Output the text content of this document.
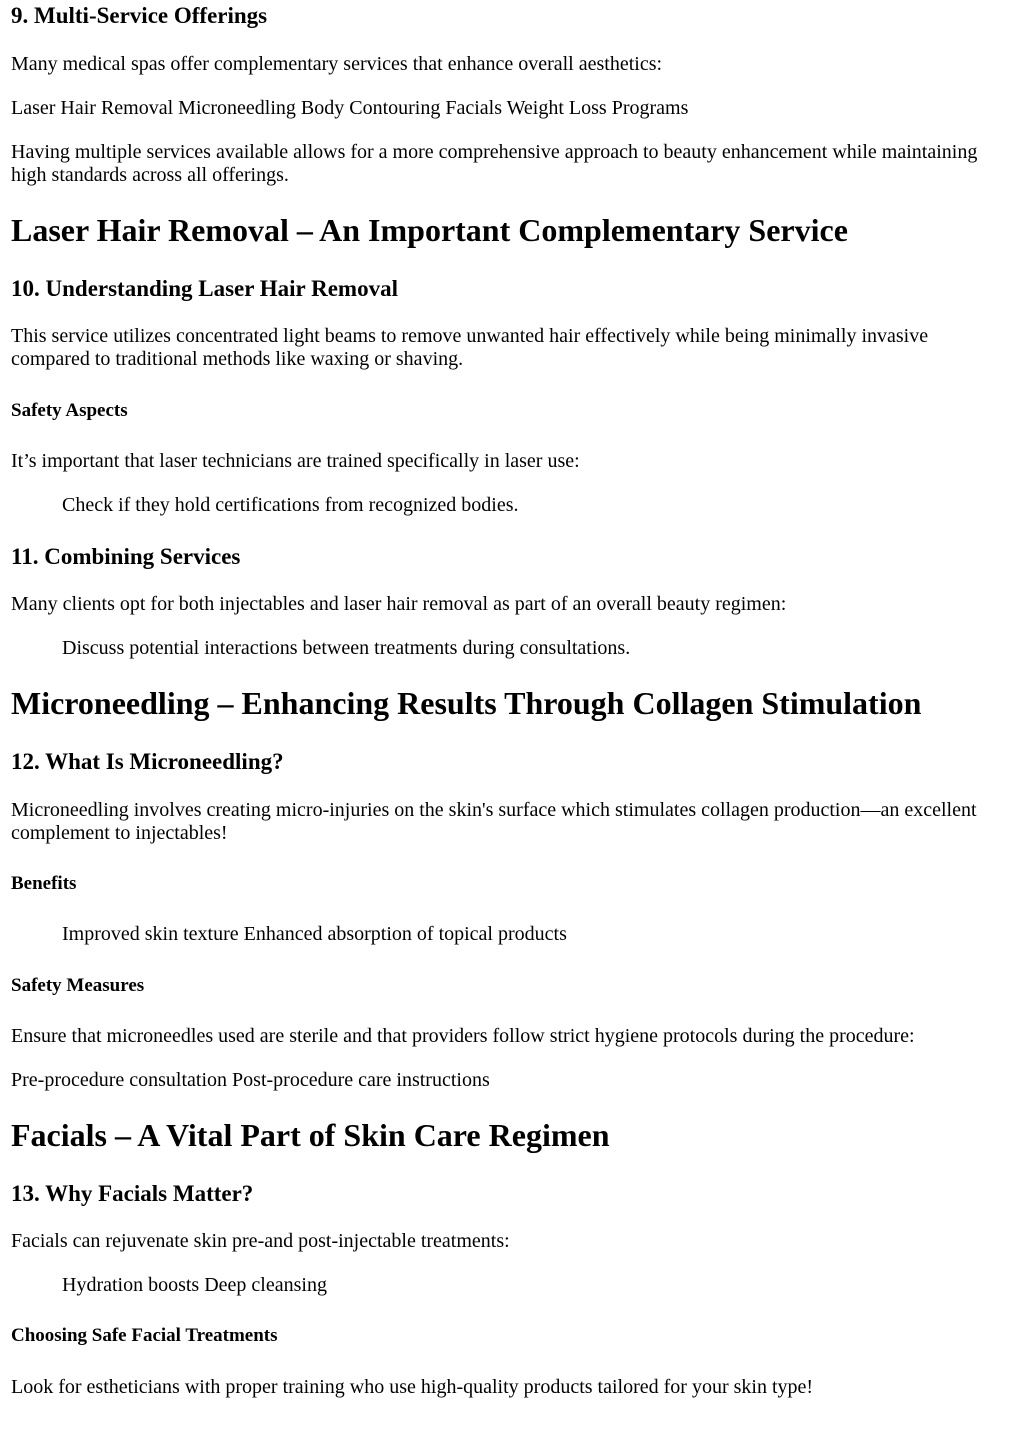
9. Multi-Service Offerings

Many medical spas offer complementary services that enhance overall aesthetics:

Laser Hair Removal Microneedling Body Contouring Facials Weight Loss Programs

Having multiple services available allows for a more comprehensive approach to beauty enhancement while maintaining high standards across all offerings.

Laser Hair Removal – An Important Complementary Service
10. Understanding Laser Hair Removal

This service utilizes concentrated light beams to remove unwanted hair effectively while being minimally invasive compared to traditional methods like waxing or shaving.

Safety Aspects

It’s important that laser technicians are trained specifically in laser use:

Check if they hold certifications from recognized bodies.

11. Combining Services

Many clients opt for both injectables and laser hair removal as part of an overall beauty regimen:

Discuss potential interactions between treatments during consultations.

Microneedling – Enhancing Results Through Collagen Stimulation
12. What Is Microneedling?

Microneedling involves creating micro-injuries on the skin's surface which stimulates collagen production—an excellent complement to injectables!

Benefits

Improved skin texture Enhanced absorption of topical products

Safety Measures

Ensure that microneedles used are sterile and that providers follow strict hygiene protocols during the procedure:

Pre-procedure consultation Post-procedure care instructions

Facials – A Vital Part of Skin Care Regimen
13. Why Facials Matter?

Facials can rejuvenate skin pre-and post-injectable treatments:

Hydration boosts Deep cleansing

Choosing Safe Facial Treatments

Look for estheticians with proper training who use high-quality products tailored for your skin type!
